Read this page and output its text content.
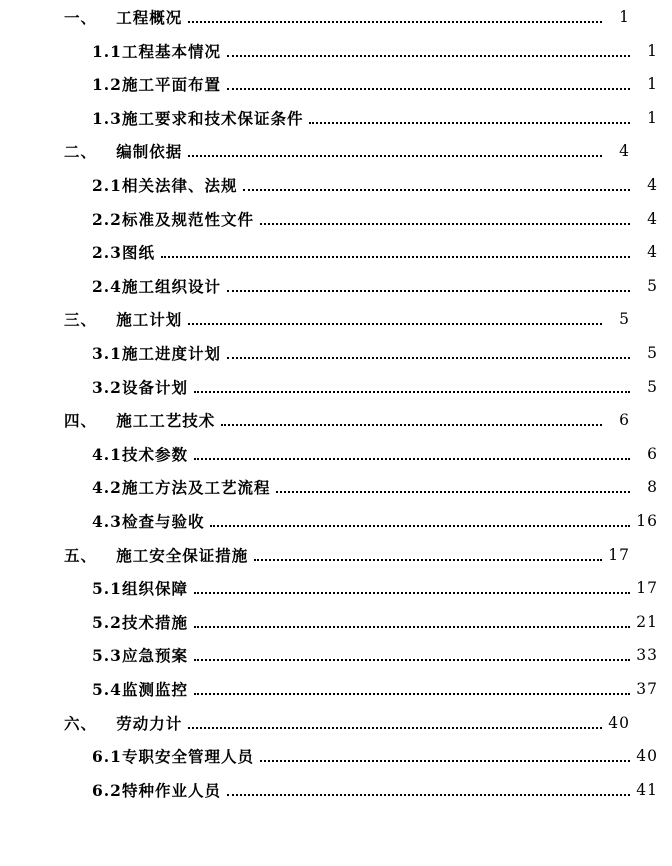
一、 工程概况	1
1.1工程基本情况	1
1.2施工平面布置	1
1.3施工要求和技术保证条件	1
二、 编制依据	4
2.1相关法律、法规	4
2.2标准及规范性文件	4
2.3图纸	4
2.4施工组织设计	5
三、 施工计划	5
3.1施工进度计划	5
3.2设备计划	5
四、 施工工艺技术	6
4.1技术参数	6
4.2施工方法及工艺流程	8
4.3检查与验收	16
五、 施工安全保证措施	17
5.1组织保障	17
5.2技术措施	21
5.3应急预案	33
5.4监测监控	37
六、 劳动力计	40
6.1专职安全管理人员	40
6.2特种作业人员	41
